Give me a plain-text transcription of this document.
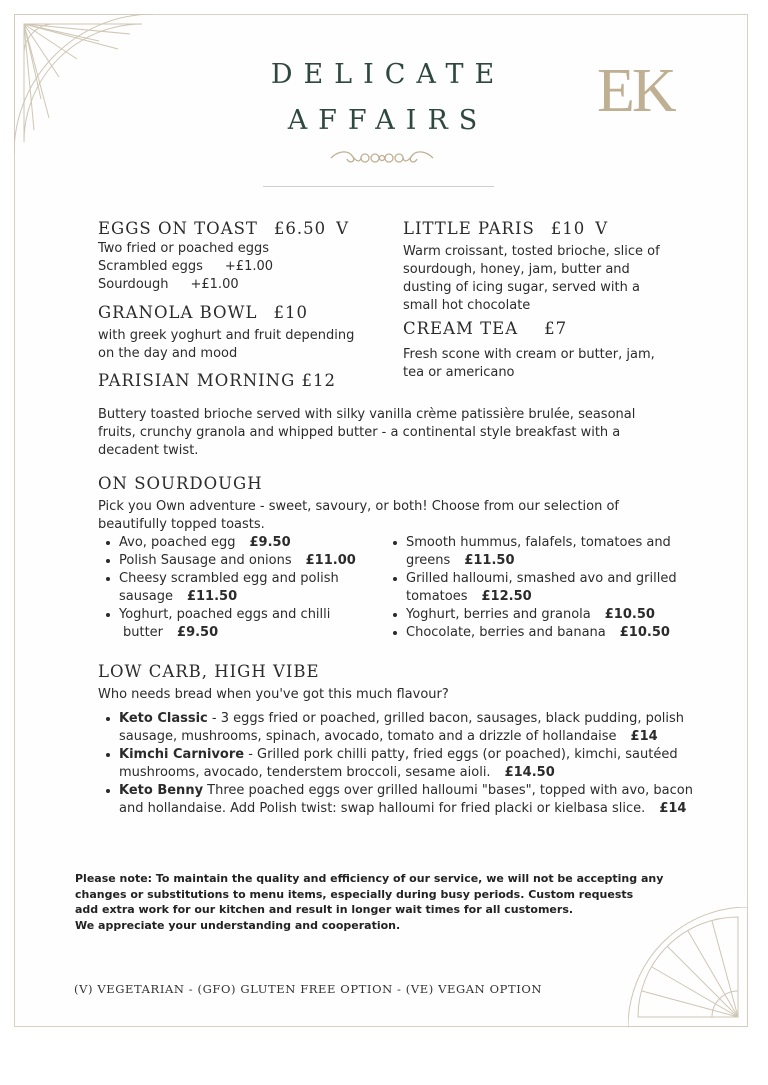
DELICATE
AFFAIRS	EK
EGGS ON TOAST £6.50 V
Two fried or poached eggs
Scrambled eggs +£1.00
Sourdough +£1.00
GRANOLA BOWL £10
with greek yoghurt and fruit depending
on the day and mood
PARISIAN MORNING £12
Buttery toasted brioche served with silky vanilla crème patissière brulée, seasonal
fruits, crunchy granola and whipped butter - a continental style breakfast with a
decadent twist.
LITTLE PARIS £10 V
Warm croissant, tosted brioche, slice of
sourdough, honey, jam, butter and
dusting of icing sugar, served with a
small hot chocolate
CREAM TEA £7
Fresh scone with cream or butter, jam,
tea or americano
ON SOURDOUGH
Pick you Own adventure - sweet, savoury, or both! Choose from our selection of
beautifully topped toasts.
Avo, poached egg £9.50
Polish Sausage and onions £11.00
Cheesy scrambled egg and polish
sausage £11.50
Yoghurt, poached eggs and chilli
butter £9.50
Smooth hummus, falafels, tomatoes and
greens £11.50
Grilled halloumi, smashed avo and grilled
tomatoes £12.50
Yoghurt, berries and granola £10.50
Chocolate, berries and banana £10.50
LOW CARB, HIGH VIBE
Who needs bread when you've got this much flavour?
Keto Classic - 3 eggs fried or poached, grilled bacon, sausages, black pudding, polish
sausage, mushrooms, spinach, avocado, tomato and a drizzle of hollandaise £14
Kimchi Carnivore - Grilled pork chilli patty, fried eggs (or poached), kimchi, sautéed
mushrooms, avocado, tenderstem broccoli, sesame aioli. £14.50
Keto Benny Three poached eggs over grilled halloumi "bases", topped with avo, bacon
and hollandaise. Add Polish twist: swap halloumi for fried placki or kielbasa slice. £14
Please note: To maintain the quality and efficiency of our service, we will not be accepting any
changes or substitutions to menu items, especially during busy periods. Custom requests
add extra work for our kitchen and result in longer wait times for all customers.
We appreciate your understanding and cooperation.
(V) VEGETARIAN - (GFO) GLUTEN FREE OPTION - (VE) VEGAN OPTION
